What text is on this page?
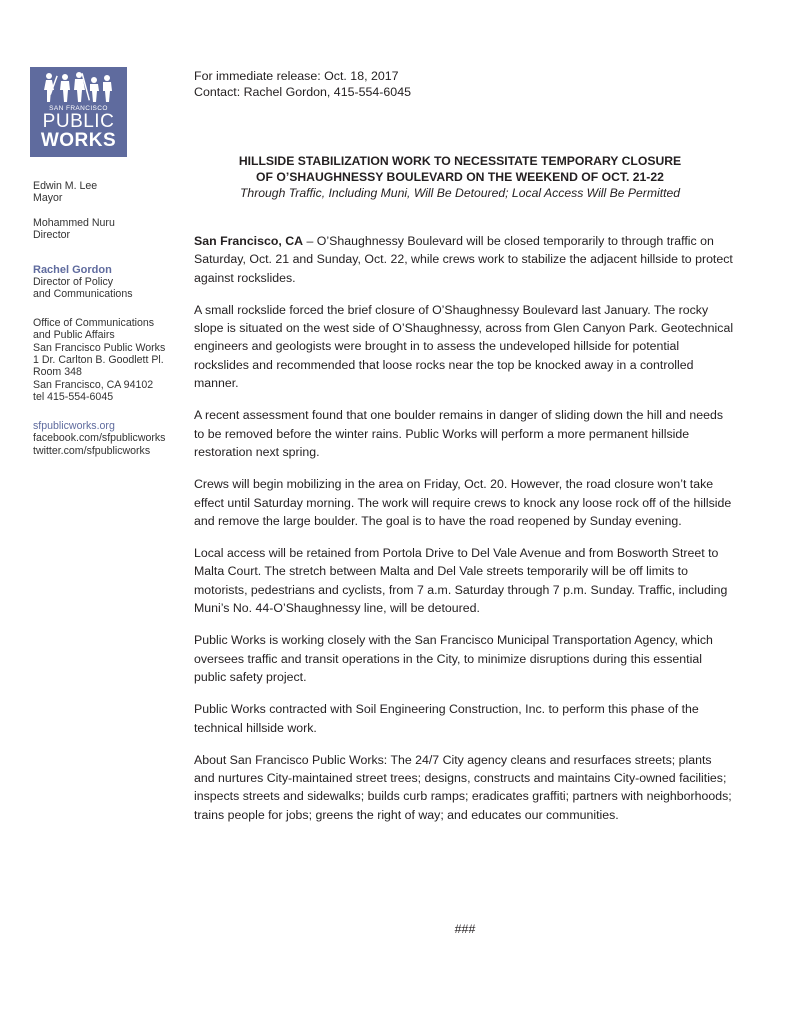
SAN FRANCISCO
PUBLIC
WORKS
Edwin M. Lee
Mayor
Mohammed Nuru
Director
Rachel Gordon
Director of Policy
and Communications
Office of Communications
and Public Affairs
San Francisco Public Works
1 Dr. Carlton B. Goodlett Pl.
Room 348
San Francisco, CA 94102
tel 415-554-6045
sfpublicworks.org
facebook.com/sfpublicworks
twitter.com/sfpublicworks
For immediate release: Oct. 18, 2017
Contact: Rachel Gordon, 415-554-6045
HILLSIDE STABILIZATION WORK TO NECESSITATE TEMPORARY CLOSURE
OF O’SHAUGHNESSY BOULEVARD ON THE WEEKEND OF OCT. 21-22
Through Traffic, Including Muni, Will Be Detoured; Local Access Will Be Permitted

San Francisco, CA – O’Shaughnessy Boulevard will be closed temporarily to through traffic on Saturday, Oct. 21 and Sunday, Oct. 22, while crews work to stabilize the adjacent hillside to protect against rockslides.

A small rockslide forced the brief closure of O’Shaughnessy Boulevard last January. The rocky slope is situated on the west side of O’Shaughnessy, across from Glen Canyon Park. Geotechnical engineers and geologists were brought in to assess the undeveloped hillside for potential rockslides and recommended that loose rocks near the top be knocked away in a controlled manner.

A recent assessment found that one boulder remains in danger of sliding down the hill and needs to be removed before the winter rains. Public Works will perform a more permanent hillside restoration next spring.

Crews will begin mobilizing in the area on Friday, Oct. 20. However, the road closure won’t take effect until Saturday morning. The work will require crews to knock any loose rock off of the hillside and remove the large boulder. The goal is to have the road reopened by Sunday evening.

Local access will be retained from Portola Drive to Del Vale Avenue and from Bosworth Street to Malta Court. The stretch between Malta and Del Vale streets temporarily will be off limits to motorists, pedestrians and cyclists, from 7 a.m. Saturday through 7 p.m. Sunday. Traffic, including Muni’s No. 44-O’Shaughnessy line, will be detoured.

Public Works is working closely with the San Francisco Municipal Transportation Agency, which oversees traffic and transit operations in the City, to minimize disruptions during this essential public safety project.

Public Works contracted with Soil Engineering Construction, Inc. to perform this phase of the technical hillside work.

About San Francisco Public Works: The 24/7 City agency cleans and resurfaces streets; plants and nurtures City-maintained street trees; designs, constructs and maintains City-owned facilities; inspects streets and sidewalks; builds curb ramps; eradicates graffiti; partners with neighborhoods; trains people for jobs; greens the right of way; and educates our communities.

###
